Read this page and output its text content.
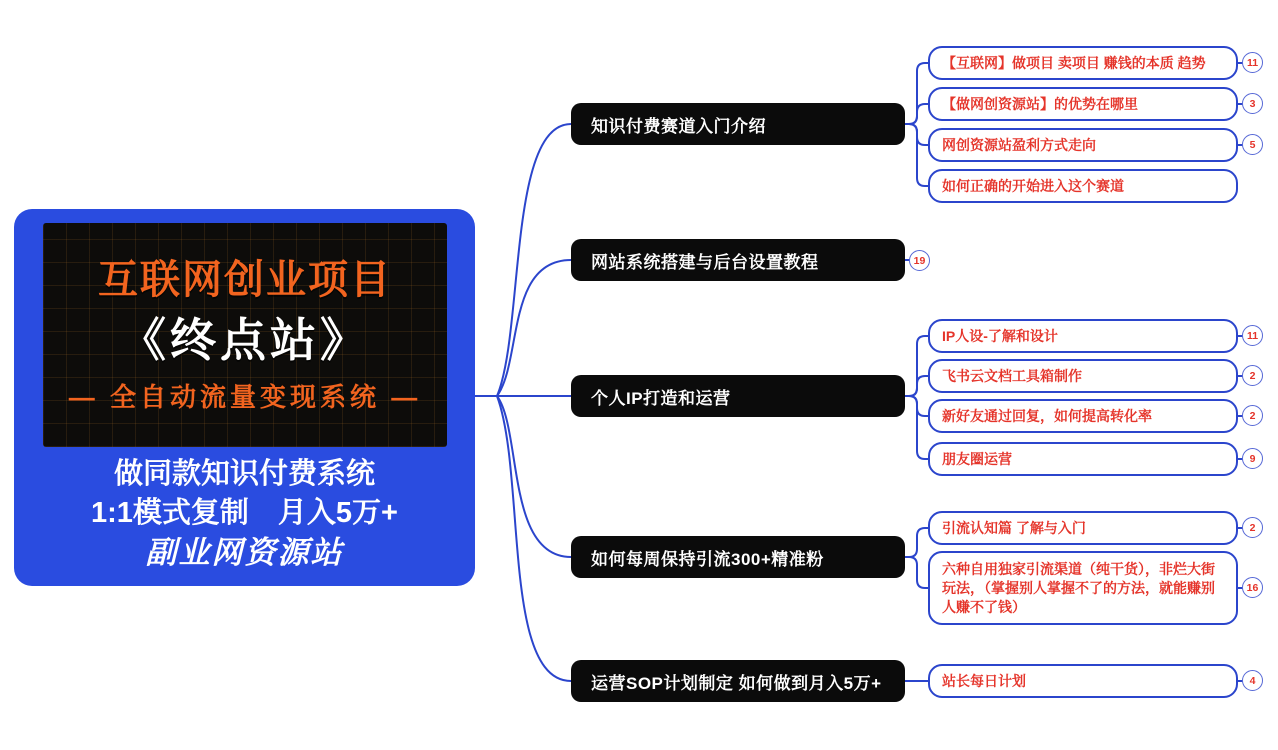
互联网创业项目
《终点站》
— 全自动流量变现系统 —
做同款知识付费系统
1:1模式复制　月入5万+
副业网资源站
知识付费赛道入门介绍
网站系统搭建与后台设置教程
个人IP打造和运营
如何每周保持引流300+精准粉
运营SOP计划制定 如何做到月入5万+
【互联网】做项目 卖项目 赚钱的本质 趋势
【做网创资源站】的优势在哪里
网创资源站盈利方式走向
如何正确的开始进入这个赛道
IP人设-了解和设计
飞书云文档工具箱制作
新好友通过回复，如何提高转化率
朋友圈运营
引流认知篇 了解与入门
六种自用独家引流渠道（纯干货），非烂大街玩法，（掌握别人掌握不了的方法，就能赚别人赚不了钱）
站长每日计划
11
3
5
19
11
2
2
9
2
16
4
